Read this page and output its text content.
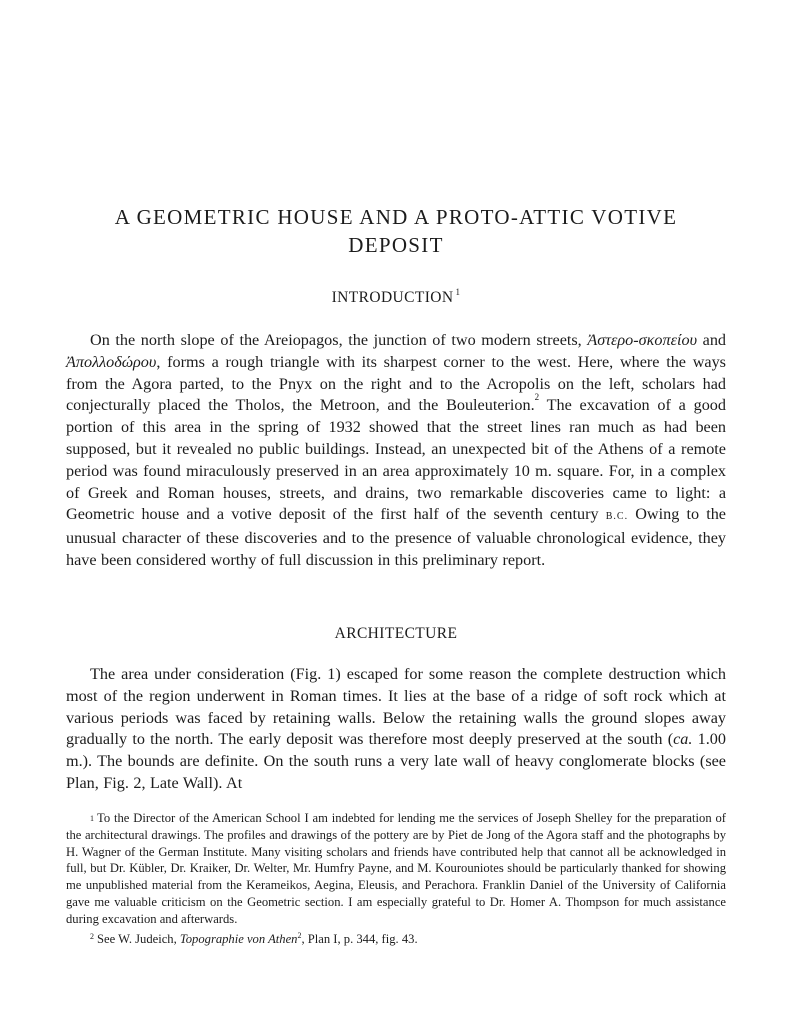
A GEOMETRIC HOUSE AND A PROTO-ATTIC VOTIVE
DEPOSIT
INTRODUCTION $^1$

On the north slope of the Areiopagos, the junction of two modern streets, Ἀστερο-σκοπείου and Ἀπολλοδώρου, forms a rough triangle with its sharpest corner to the west. Here, where the ways from the Agora parted, to the Pnyx on the right and to the Acropolis on the left, scholars had conjecturally placed the Tholos, the Metroon, and the Bouleuterion.$^2$ The excavation of a good portion of this area in the spring of 1932 showed that the street lines ran much as had been supposed, but it revealed no public buildings. Instead, an unexpected bit of the Athens of a remote period was found miraculously preserved in an area approximately 10 m. square. For, in a complex of Greek and Roman houses, streets, and drains, two remarkable discoveries came to light: a Geometric house and a votive deposit of the first half of the seventh century B.C. Owing to the unusual character of these discoveries and to the presence of valuable chronological evidence, they have been considered worthy of full discussion in this preliminary report.

ARCHITECTURE

The area under consideration (Fig. 1) escaped for some reason the complete destruction which most of the region underwent in Roman times. It lies at the base of a ridge of soft rock which at various periods was faced by retaining walls. Below the retaining walls the ground slopes away gradually to the north. The early deposit was therefore most deeply preserved at the south (ca. 1.00 m.). The bounds are definite. On the south runs a very late wall of heavy conglomerate blocks (see Plan, Fig. 2, Late Wall). At

$^1$ To the Director of the American School I am indebted for lending me the services of Joseph Shelley for the preparation of the architectural drawings. The profiles and drawings of the pottery are by Piet de Jong of the Agora staff and the photographs by H. Wagner of the German Institute. Many visiting scholars and friends have contributed help that cannot all be acknowledged in full, but Dr. Kübler, Dr. Kraiker, Dr. Welter, Mr. Humfry Payne, and M. Kourouniotes should be particularly thanked for showing me unpublished material from the Kerameikos, Aegina, Eleusis, and Perachora. Franklin Daniel of the University of California gave me valuable criticism on the Geometric section. I am especially grateful to Dr. Homer A. Thompson for much assistance during excavation and afterwards.

$^2$ See W. Judeich, Topographie von Athen$^2$, Plan I, p. 344, fig. 43.
